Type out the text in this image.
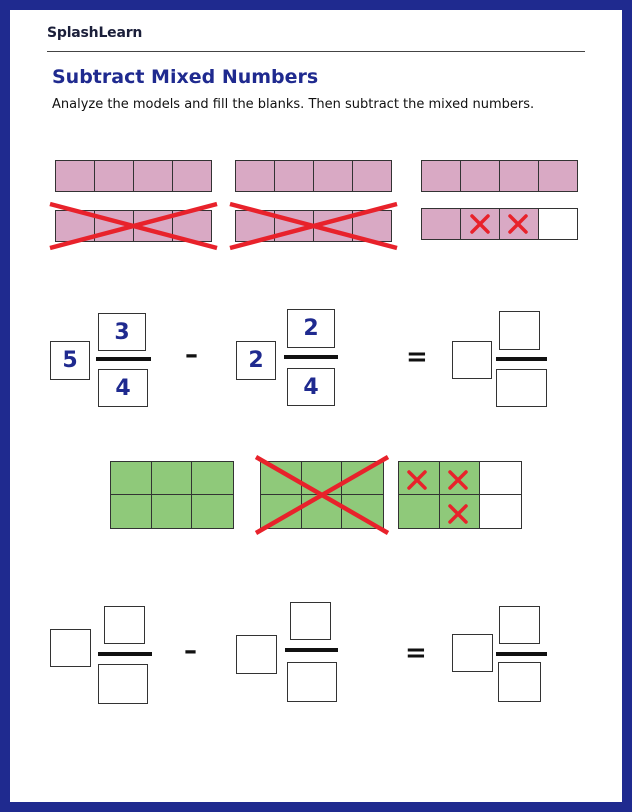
SplashLearn
Subtract Mixed Numbers
Analyze the models and fill the blanks. Then subtract the mixed numbers.
5
3
4
–	2
2
4
=
–	=
